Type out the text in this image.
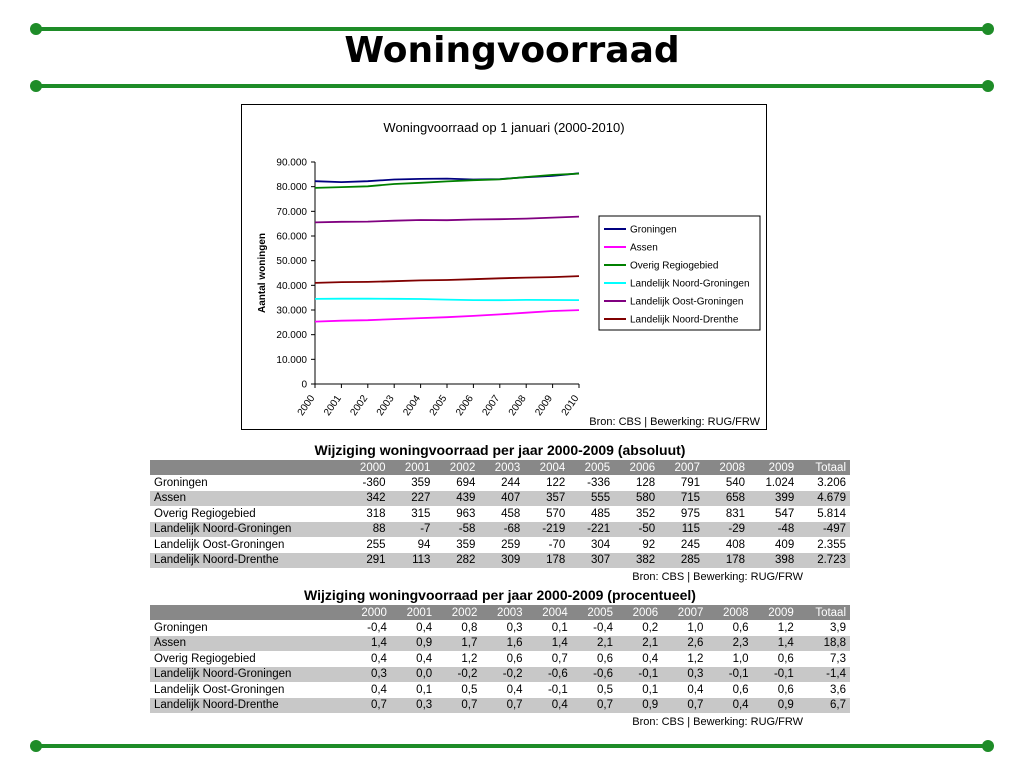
Woningvoorraad
Woningvoorraad op 1 januari (2000-2010)
0
10.000
20.000
30.000
40.000
50.000
60.000
70.000
80.000
90.000
2000 2001 2002 2003 2004 2005 2006 2007 2008 2009 2010
Aantal woningen
Groningen
Assen
Overig Regiogebied
Landelijk Noord-Groningen
Landelijk Oost-Groningen
Landelijk Noord-Drenthe
Bron: CBS | Bewerking: RUG/FRW
Wijziging woningvoorraad per jaar 2000-2009 (absoluut)
	2000	2001	2002	2003	2004	2005	2006	2007	2008	2009	Totaal
Groningen	-360	359	694	244	122	-336	128	791	540	1.024	3.206
Assen	342	227	439	407	357	555	580	715	658	399	4.679
Overig Regiogebied	318	315	963	458	570	485	352	975	831	547	5.814
Landelijk Noord-Groningen	88	-7	-58	-68	-219	-221	-50	115	-29	-48	-497
Landelijk Oost-Groningen	255	94	359	259	-70	304	92	245	408	409	2.355
Landelijk Noord-Drenthe	291	113	282	309	178	307	382	285	178	398	2.723
Bron: CBS | Bewerking: RUG/FRW
Wijziging woningvoorraad per jaar 2000-2009 (procentueel)
	2000	2001	2002	2003	2004	2005	2006	2007	2008	2009	Totaal
Groningen	-0,4	0,4	0,8	0,3	0,1	-0,4	0,2	1,0	0,6	1,2	3,9
Assen	1,4	0,9	1,7	1,6	1,4	2,1	2,1	2,6	2,3	1,4	18,8
Overig Regiogebied	0,4	0,4	1,2	0,6	0,7	0,6	0,4	1,2	1,0	0,6	7,3
Landelijk Noord-Groningen	0,3	0,0	-0,2	-0,2	-0,6	-0,6	-0,1	0,3	-0,1	-0,1	-1,4
Landelijk Oost-Groningen	0,4	0,1	0,5	0,4	-0,1	0,5	0,1	0,4	0,6	0,6	3,6
Landelijk Noord-Drenthe	0,7	0,3	0,7	0,7	0,4	0,7	0,9	0,7	0,4	0,9	6,7
Bron: CBS | Bewerking: RUG/FRW
